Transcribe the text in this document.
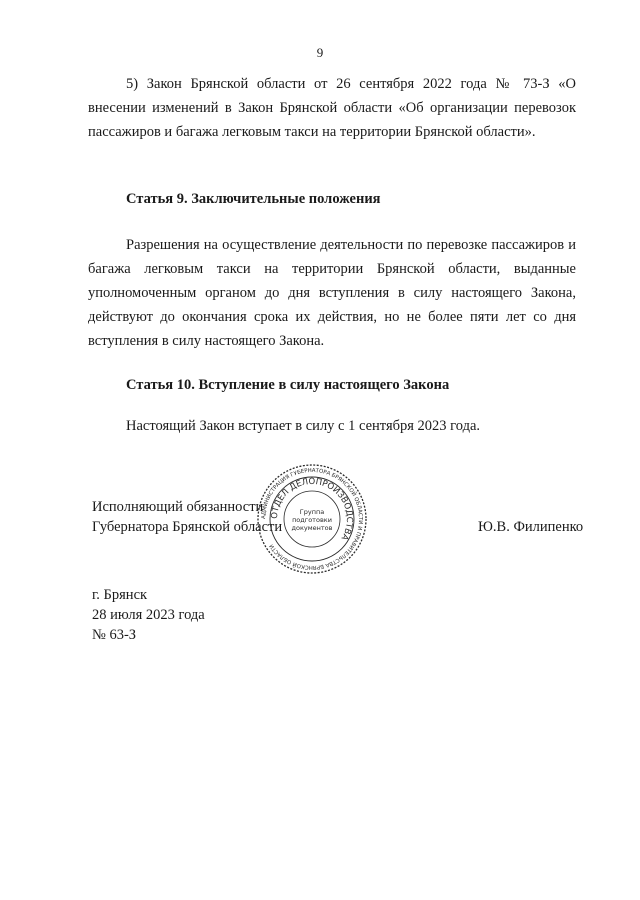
9
5) Закон Брянской области от 26 сентября 2022 года № 73-З «О внесении изменений в Закон Брянской области «Об организации перевозок пассажиров и багажа легковым такси на территории Брянской области».
Статья 9. Заключительные положения
Разрешения на осуществление деятельности по перевозке пассажиров и багажа легковым такси на территории Брянской области, выданные уполномоченным органом до дня вступления в силу настоящего Закона, действуют до окончания срока их действия, но не более пяти лет со дня вступления в силу настоящего Закона.
Статья 10. Вступление в силу настоящего Закона
Настоящий Закон вступает в силу с 1 сентября 2023 года.
Исполняющий обязанности
Губернатора Брянской области	Ю.В. Филипенко
АДМИНИСТРАЦИЯ ГУБЕРНАТОРА БРЯНСКОЙ ОБЛАСТИ И ПРАВИТЕЛЬСТВА БРЯНСКОЙ ОБЛАСТИ
ОТДЕЛ ДЕЛОПРОИЗВОДСТВА
Группа
подготовки
документов
г. Брянск
28 июля 2023 года
№ 63-З
